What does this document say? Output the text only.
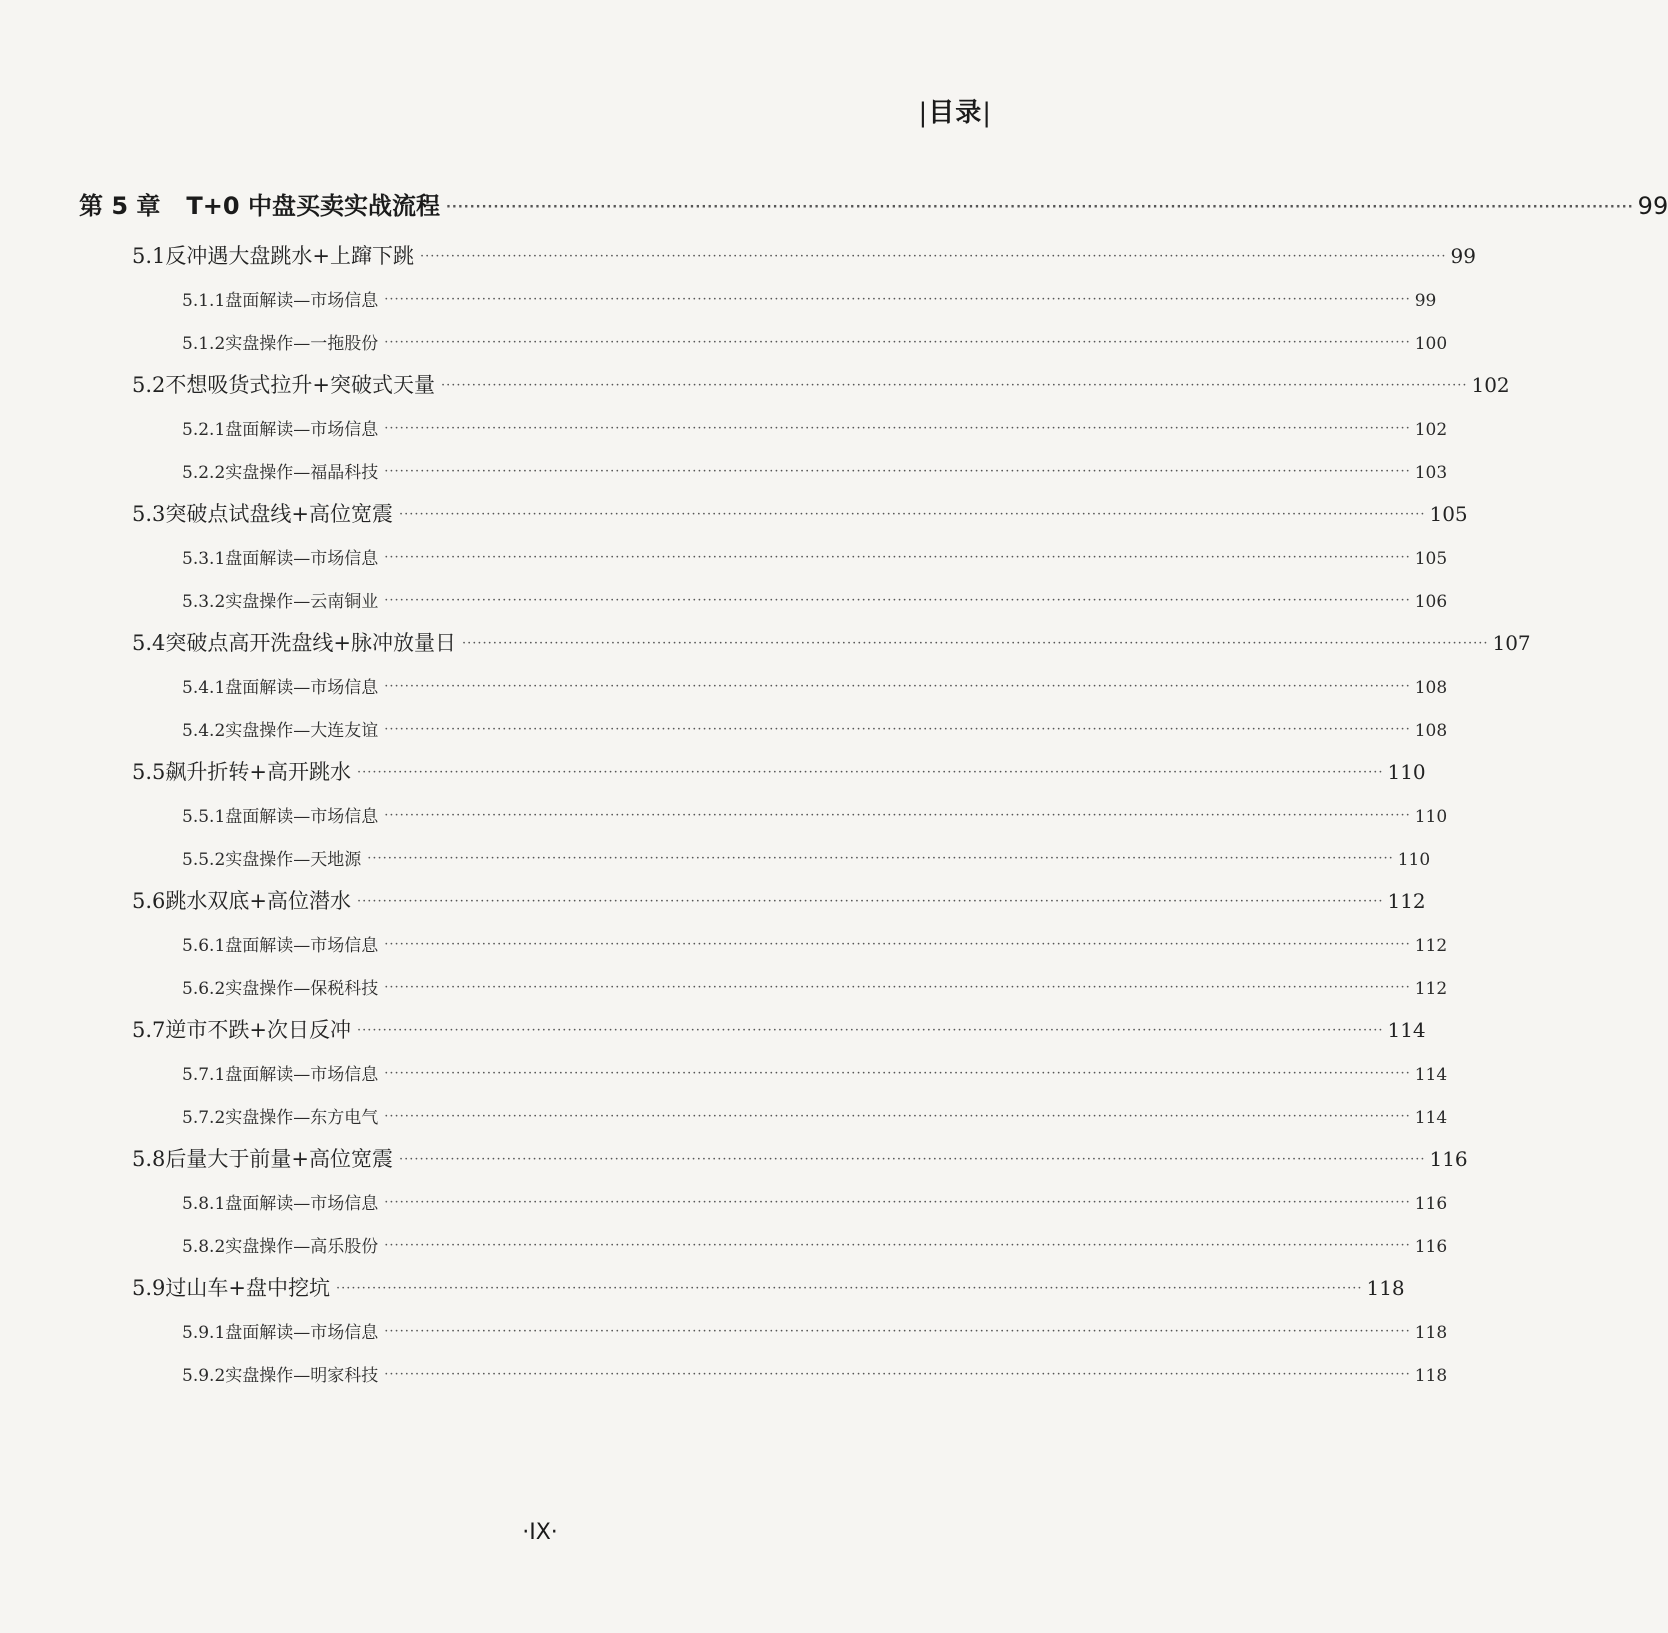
|目录|
第 5 章 T+0 中盘买卖实战流程 ········································································································································································································ 99
5.1 反冲遇大盘跳水+上蹿下跳 ········································································································································································································ 99
5.1.1 盘面解读—市场信息 ········································································································································································································ 99
5.1.2 实盘操作—一拖股份 ········································································································································································································ 100
5.2 不想吸货式拉升+突破式天量 ········································································································································································································ 102
5.2.1 盘面解读—市场信息 ········································································································································································································ 102
5.2.2 实盘操作—福晶科技 ········································································································································································································ 103
5.3 突破点试盘线+高位宽震 ········································································································································································································ 105
5.3.1 盘面解读—市场信息 ········································································································································································································ 105
5.3.2 实盘操作—云南铜业 ········································································································································································································ 106
5.4 突破点高开洗盘线+脉冲放量日 ········································································································································································································ 107
5.4.1 盘面解读—市场信息 ········································································································································································································ 108
5.4.2 实盘操作—大连友谊 ········································································································································································································ 108
5.5 飙升折转+高开跳水 ········································································································································································································ 110
5.5.1 盘面解读—市场信息 ········································································································································································································ 110
5.5.2 实盘操作—天地源 ········································································································································································································ 110
5.6 跳水双底+高位潜水 ········································································································································································································ 112
5.6.1 盘面解读—市场信息 ········································································································································································································ 112
5.6.2 实盘操作—保税科技 ········································································································································································································ 112
5.7 逆市不跌+次日反冲 ········································································································································································································ 114
5.7.1 盘面解读—市场信息 ········································································································································································································ 114
5.7.2 实盘操作—东方电气 ········································································································································································································ 114
5.8 后量大于前量+高位宽震 ········································································································································································································ 116
5.8.1 盘面解读—市场信息 ········································································································································································································ 116
5.8.2 实盘操作—高乐股份 ········································································································································································································ 116
5.9 过山车+盘中挖坑 ········································································································································································································ 118
5.9.1 盘面解读—市场信息 ········································································································································································································ 118
5.9.2 实盘操作—明家科技 ········································································································································································································ 118
·IX·
